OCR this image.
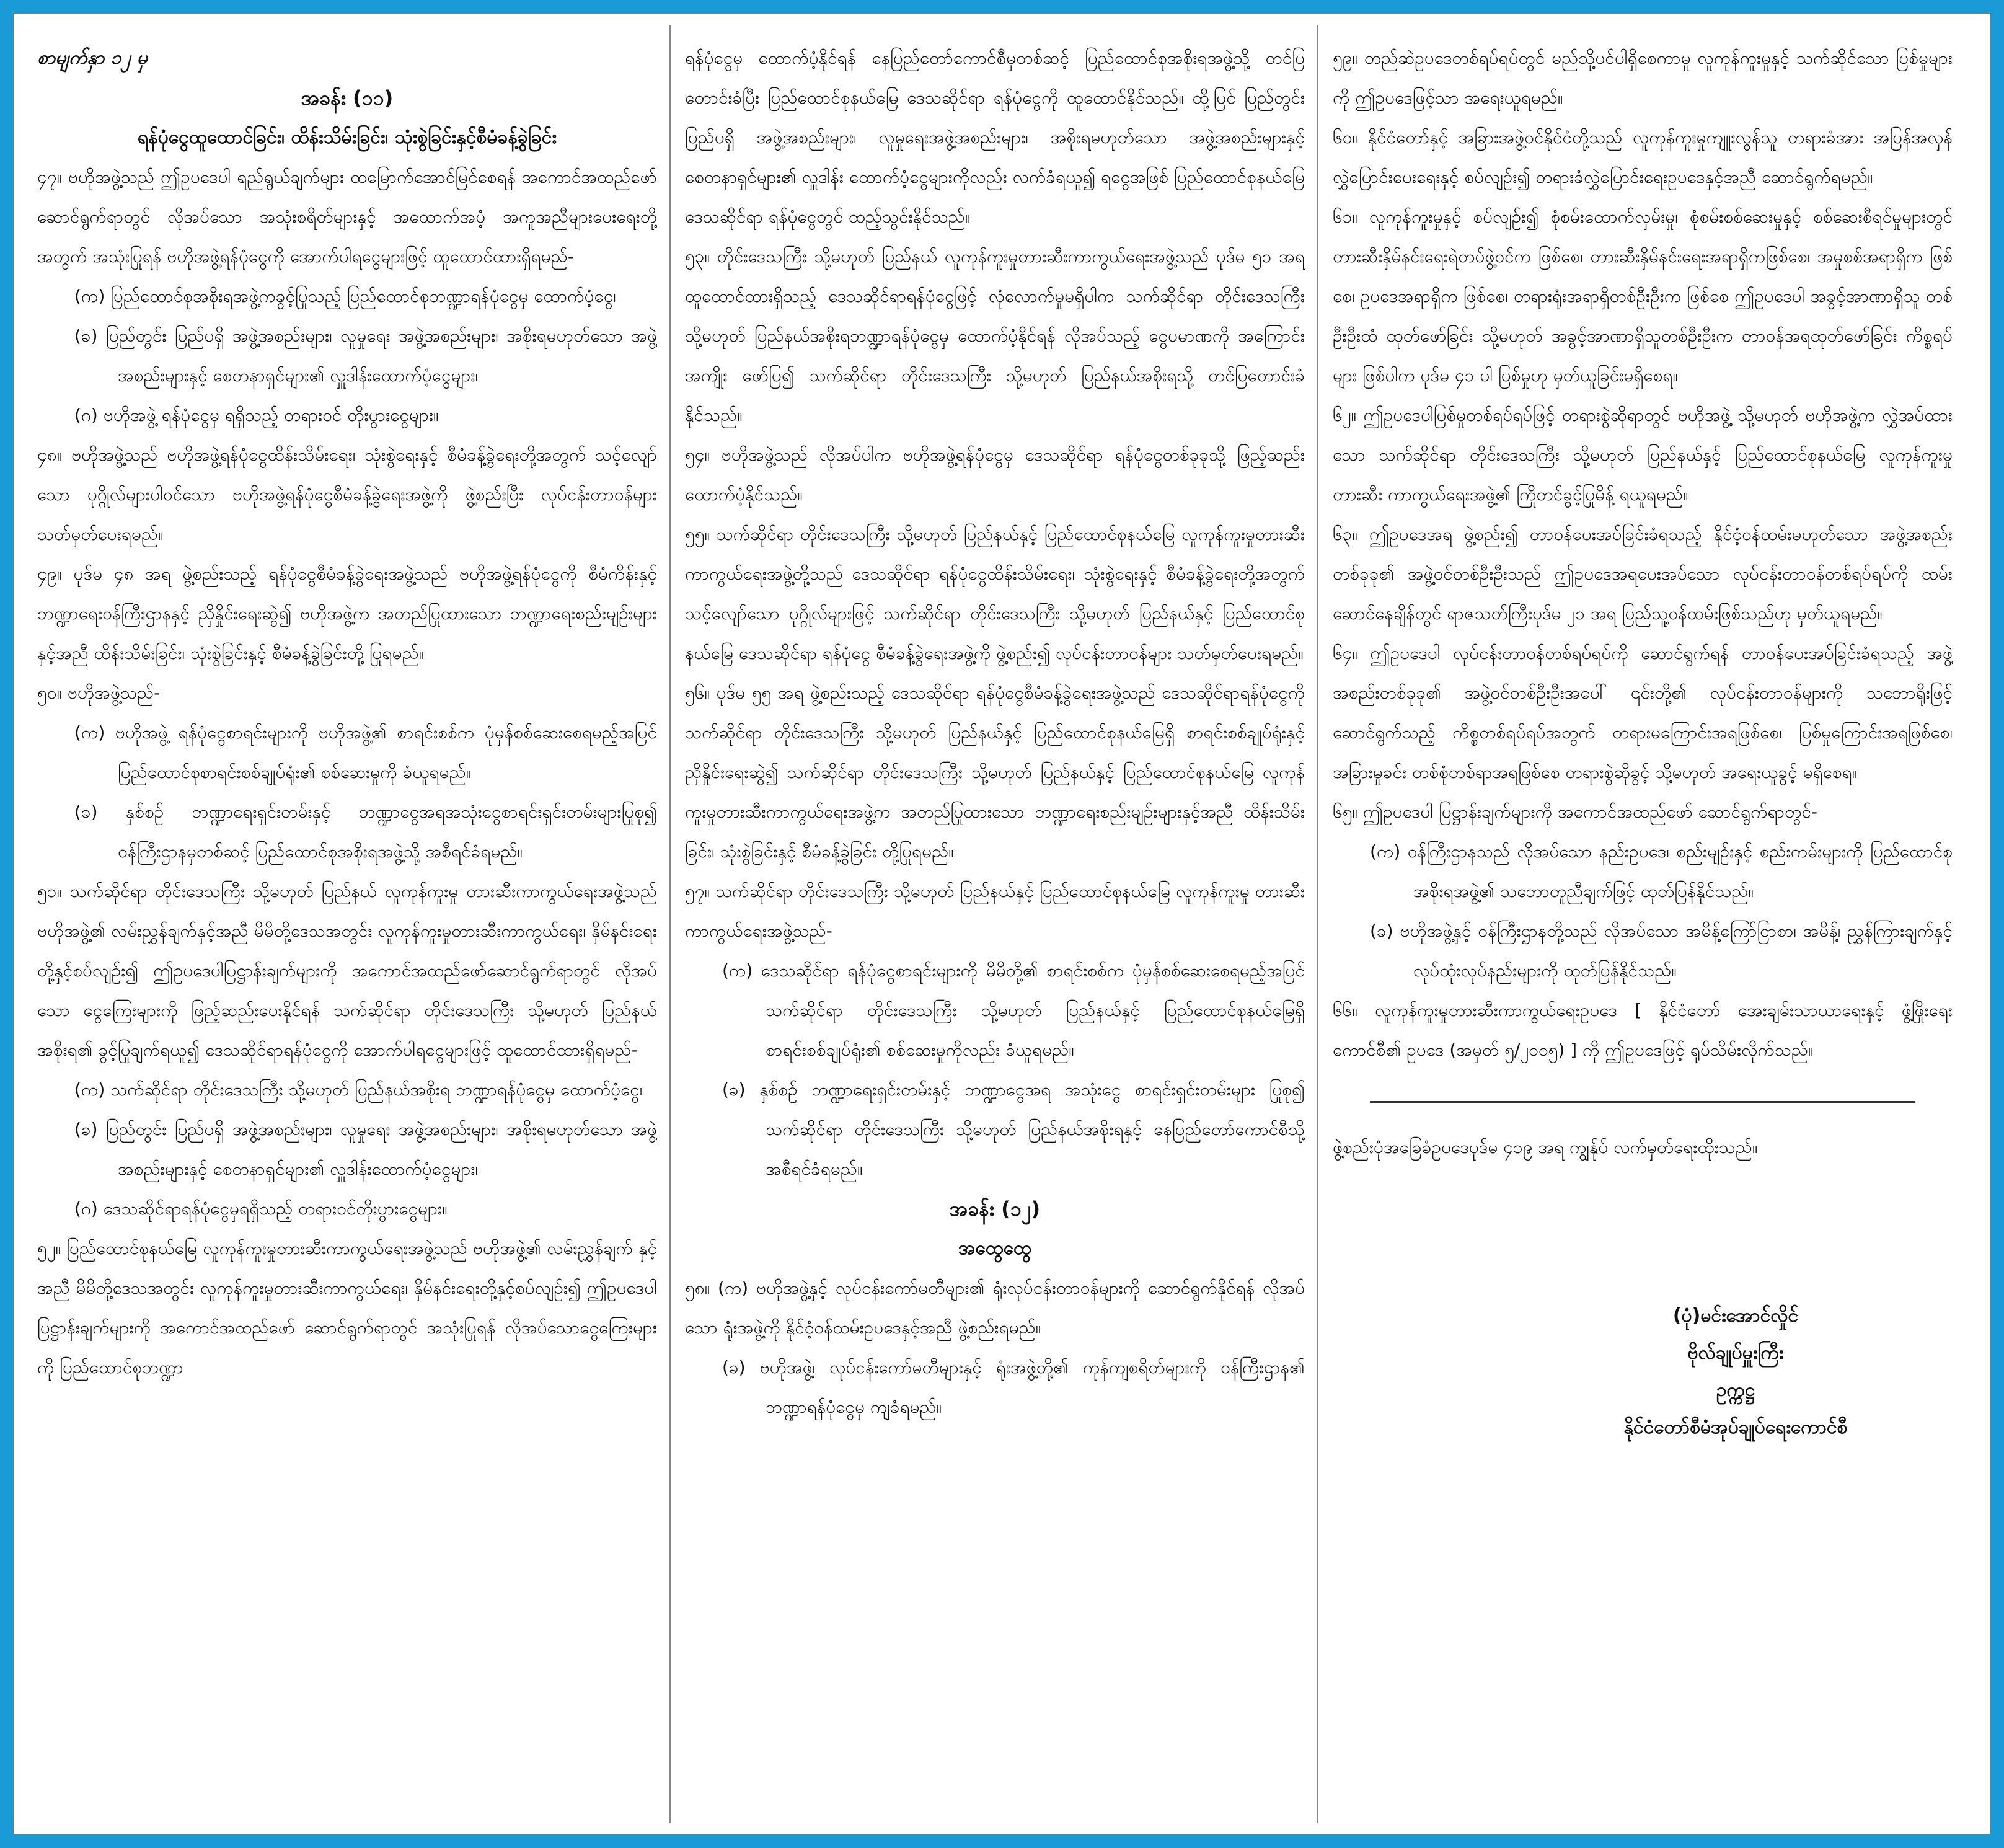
စာမျက်နှာ ၁၂ မှ

အခန်း (၁၁)

ရန်ပုံငွေထူထောင်ခြင်း၊ ထိန်းသိမ်းခြင်း၊ သုံးစွဲခြင်းနှင့်စီမံခန့်ခွဲခြင်း

၄၇။ ဗဟိုအဖွဲ့သည် ဤဥပဒေပါ ရည်ရွယ်ချက်များ ထမြောက်အောင်မြင်စေရန် အကောင်အထည်ဖော်ဆောင်ရွက်ရာတွင် လိုအပ်သော အသုံးစရိတ်များနှင့် အထောက်အပံ့ အကူအညီများပေးရေးတို့အတွက် အသုံးပြုရန် ဗဟိုအဖွဲ့ရန်ပုံငွေကို အောက်ပါရငွေများဖြင့် ထူထောင်ထားရှိရမည်-

(က) ပြည်ထောင်စုအစိုးရအဖွဲ့ကခွင့်ပြုသည့် ပြည်ထောင်စုဘဏ္ဍာရန်ပုံငွေမှ ထောက်ပံ့ငွေ၊

(ခ) ပြည်တွင်း ပြည်ပရှိ အဖွဲ့အစည်းများ၊ လူမှုရေး အဖွဲ့အစည်းများ၊ အစိုးရမဟုတ်သော အဖွဲ့အစည်းများနှင့် စေတနာရှင်များ၏ လှူဒါန်းထောက်ပံ့ငွေများ၊

(ဂ) ဗဟိုအဖွဲ့ ရန်ပုံငွေမှ ရရှိသည့် တရားဝင် တိုးပွားငွေများ။

၄၈။ ဗဟိုအဖွဲ့သည် ဗဟိုအဖွဲ့ရန်ပုံငွေထိန်းသိမ်းရေး၊ သုံးစွဲရေးနှင့် စီမံခန့်ခွဲရေးတို့အတွက် သင့်လျော်သော ပုဂ္ဂိုလ်များပါဝင်သော ဗဟိုအဖွဲ့ရန်ပုံငွေစီမံခန့်ခွဲရေးအဖွဲ့ကို ဖွဲ့စည်းပြီး လုပ်ငန်းတာဝန်များ သတ်မှတ်ပေးရမည်။

၄၉။ ပုဒ်မ ၄၈ အရ ဖွဲ့စည်းသည့် ရန်ပုံငွေစီမံခန့်ခွဲရေးအဖွဲ့သည် ဗဟိုအဖွဲ့ရန်ပုံငွေကို စီမံကိန်းနှင့် ဘဏ္ဍာရေးဝန်ကြီးဌာနနှင့် ညှိနှိုင်းရေးဆွဲ၍ ဗဟိုအဖွဲ့က အတည်ပြုထားသော ဘဏ္ဍာရေးစည်းမျဉ်းများနှင့်အညီ ထိန်းသိမ်းခြင်း၊ သုံးစွဲခြင်းနှင့် စီမံခန့်ခွဲခြင်းတို့ ပြုရမည်။

၅၀။ ဗဟိုအဖွဲ့သည်-

(က) ဗဟိုအဖွဲ့ ရန်ပုံငွေစာရင်းများကို ဗဟိုအဖွဲ့၏ စာရင်းစစ်က ပုံမှန်စစ်ဆေးစေရမည့်အပြင် ပြည်ထောင်စုစာရင်းစစ်ချုပ်ရုံး၏ စစ်ဆေးမှုကို ခံယူရမည်။

(ခ) နှစ်စဉ် ဘဏ္ဍာရေးရှင်းတမ်းနှင့် ဘဏ္ဍာငွေအရအသုံးငွေစာရင်းရှင်းတမ်းများပြုစု၍ ဝန်ကြီးဌာနမှတစ်ဆင့် ပြည်ထောင်စုအစိုးရအဖွဲ့သို့ အစီရင်ခံရမည်။

၅၁။ သက်ဆိုင်ရာ တိုင်းဒေသကြီး သို့မဟုတ် ပြည်နယ် လူကုန်ကူးမှု တားဆီးကာကွယ်ရေးအဖွဲ့သည် ဗဟိုအဖွဲ့၏ လမ်းညွှန်ချက်နှင့်အညီ မိမိတို့ဒေသအတွင်း လူကုန်ကူးမှုတားဆီးကာကွယ်ရေး၊ နှိမ်နင်းရေးတို့နှင့်စပ်လျဉ်း၍ ဤဥပဒေပါပြဋ္ဌာန်းချက်များကို အကောင်အထည်ဖော်ဆောင်ရွက်ရာတွင် လိုအပ်သော ငွေကြေးများကို ဖြည့်ဆည်းပေးနိုင်ရန် သက်ဆိုင်ရာ တိုင်းဒေသကြီး သို့မဟုတ် ပြည်နယ်အစိုးရ၏ ခွင့်ပြုချက်ရယူ၍ ဒေသဆိုင်ရာရန်ပုံငွေကို အောက်ပါရငွေများဖြင့် ထူထောင်ထားရှိရမည်-

(က) သက်ဆိုင်ရာ တိုင်းဒေသကြီး သို့မဟုတ် ပြည်နယ်အစိုးရ ဘဏ္ဍာရန်ပုံငွေမှ ထောက်ပံ့ငွေ၊

(ခ) ပြည်တွင်း ပြည်ပရှိ အဖွဲ့အစည်းများ၊ လူမှုရေး အဖွဲ့အစည်းများ၊ အစိုးရမဟုတ်သော အဖွဲ့အစည်းများနှင့် စေတနာရှင်များ၏ လှူဒါန်းထောက်ပံ့ငွေများ၊

(ဂ) ဒေသဆိုင်ရာရန်ပုံငွေမှရရှိသည့် တရားဝင်တိုးပွားငွေများ။

၅၂။ ပြည်ထောင်စုနယ်မြေ လူကုန်ကူးမှုတားဆီးကာကွယ်ရေးအဖွဲ့သည် ဗဟိုအဖွဲ့၏ လမ်းညွှန်ချက် နှင့်အညီ မိမိတို့ဒေသအတွင်း လူကုန်ကူးမှုတားဆီးကာကွယ်ရေး၊ နှိမ်နင်းရေးတို့နှင့်စပ်လျဉ်း၍ ဤဥပဒေပါ ပြဋ္ဌာန်းချက်များကို အကောင်အထည်ဖော် ဆောင်ရွက်ရာတွင် အသုံးပြုရန် လိုအပ်သောငွေကြေးများကို ပြည်ထောင်စုဘဏ္ဍာ

ရန်ပုံငွေမှ ထောက်ပံ့နိုင်ရန် နေပြည်တော်ကောင်စီမှတစ်ဆင့် ပြည်ထောင်စုအစိုးရအဖွဲ့သို့ တင်ပြတောင်းခံပြီး ပြည်ထောင်စုနယ်မြေ ဒေသဆိုင်ရာ ရန်ပုံငွေကို ထူထောင်နိုင်သည်။ ထို့ပြင် ပြည်တွင်းပြည်ပရှိ အဖွဲ့အစည်းများ၊ လူမှုရေးအဖွဲ့အစည်းများ၊ အစိုးရမဟုတ်သော အဖွဲ့အစည်းများနှင့် စေတနာရှင်များ၏ လှူဒါန်း ထောက်ပံ့ငွေများကိုလည်း လက်ခံရယူ၍ ရငွေအဖြစ် ပြည်ထောင်စုနယ်မြေ ဒေသဆိုင်ရာ ရန်ပုံငွေတွင် ထည့်သွင်းနိုင်သည်။

၅၃။ တိုင်းဒေသကြီး သို့မဟုတ် ပြည်နယ် လူကုန်ကူးမှုတားဆီးကာကွယ်ရေးအဖွဲ့သည် ပုဒ်မ ၅၁ အရ ထူထောင်ထားရှိသည့် ဒေသဆိုင်ရာရန်ပုံငွေဖြင့် လုံလောက်မှုမရှိပါက သက်ဆိုင်ရာ တိုင်းဒေသကြီး သို့မဟုတ် ပြည်နယ်အစိုးရဘဏ္ဍာရန်ပုံငွေမှ ထောက်ပံ့နိုင်ရန် လိုအပ်သည့် ငွေပမာဏကို အကြောင်းအကျိုး ဖော်ပြ၍ သက်ဆိုင်ရာ တိုင်းဒေသကြီး သို့မဟုတ် ပြည်နယ်အစိုးရသို့ တင်ပြတောင်းခံနိုင်သည်။

၅၄။ ဗဟိုအဖွဲ့သည် လိုအပ်ပါက ဗဟိုအဖွဲ့ရန်ပုံငွေမှ ဒေသဆိုင်ရာ ရန်ပုံငွေတစ်ခုခုသို့ ဖြည့်ဆည်းထောက်ပံ့နိုင်သည်။

၅၅။ သက်ဆိုင်ရာ တိုင်းဒေသကြီး သို့မဟုတ် ပြည်နယ်နှင့် ပြည်ထောင်စုနယ်မြေ လူကုန်ကူးမှုတားဆီးကာကွယ်ရေးအဖွဲ့တို့သည် ဒေသဆိုင်ရာ ရန်ပုံငွေထိန်းသိမ်းရေး၊ သုံးစွဲရေးနှင့် စီမံခန့်ခွဲရေးတို့အတွက် သင့်လျော်သော ပုဂ္ဂိုလ်များဖြင့် သက်ဆိုင်ရာ တိုင်းဒေသကြီး သို့မဟုတ် ပြည်နယ်နှင့် ပြည်ထောင်စုနယ်မြေ ဒေသဆိုင်ရာ ရန်ပုံငွေ စီမံခန့်ခွဲရေးအဖွဲ့ကို ဖွဲ့စည်း၍ လုပ်ငန်းတာဝန်များ သတ်မှတ်ပေးရမည်။

၅၆။ ပုဒ်မ ၅၅ အရ ဖွဲ့စည်းသည့် ဒေသဆိုင်ရာ ရန်ပုံငွေစီမံခန့်ခွဲရေးအဖွဲ့သည် ဒေသဆိုင်ရာရန်ပုံငွေကို သက်ဆိုင်ရာ တိုင်းဒေသကြီး သို့မဟုတ် ပြည်နယ်နှင့် ပြည်ထောင်စုနယ်မြေရှိ စာရင်းစစ်ချုပ်ရုံးနှင့် ညှိနှိုင်းရေးဆွဲ၍ သက်ဆိုင်ရာ တိုင်းဒေသကြီး သို့မဟုတ် ပြည်နယ်နှင့် ပြည်ထောင်စုနယ်မြေ လူကုန်ကူးမှုတားဆီးကာကွယ်ရေးအဖွဲ့က အတည်ပြုထားသော ဘဏ္ဍာရေးစည်းမျဉ်းများနှင့်အညီ ထိန်းသိမ်းခြင်း၊ သုံးစွဲခြင်းနှင့် စီမံခန့်ခွဲခြင်း တို့ပြုရမည်။

၅၇။ သက်ဆိုင်ရာ တိုင်းဒေသကြီး သို့မဟုတ် ပြည်နယ်နှင့် ပြည်ထောင်စုနယ်မြေ လူကုန်ကူးမှု တားဆီးကာကွယ်ရေးအဖွဲ့သည်-

(က) ဒေသဆိုင်ရာ ရန်ပုံငွေစာရင်းများကို မိမိတို့၏ စာရင်းစစ်က ပုံမှန်စစ်ဆေးစေရမည့်အပြင် သက်ဆိုင်ရာ တိုင်းဒေသကြီး သို့မဟုတ် ပြည်နယ်နှင့် ပြည်ထောင်စုနယ်မြေရှိ စာရင်းစစ်ချုပ်ရုံး၏ စစ်ဆေးမှုကိုလည်း ခံယူရမည်။

(ခ) နှစ်စဉ် ဘဏ္ဍာရေးရှင်းတမ်းနှင့် ဘဏ္ဍာငွေအရ အသုံးငွေ စာရင်းရှင်းတမ်းများ ပြုစု၍ သက်ဆိုင်ရာ တိုင်းဒေသကြီး သို့မဟုတ် ပြည်နယ်အစိုးရနှင့် နေပြည်တော်ကောင်စီသို့ အစီရင်ခံရမည်။

အခန်း (၁၂)

အထွေထွေ

၅၈။ (က) ဗဟိုအဖွဲ့နှင့် လုပ်ငန်းကော်မတီများ၏ ရုံးလုပ်ငန်းတာဝန်များကို ဆောင်ရွက်နိုင်ရန် လိုအပ်သော ရုံးအဖွဲ့ကို နိုင်ငံ့ဝန်ထမ်းဥပဒေနှင့်အညီ ဖွဲ့စည်းရမည်။

(ခ) ဗဟိုအဖွဲ့၊ လုပ်ငန်းကော်မတီများနှင့် ရုံးအဖွဲ့တို့၏ ကုန်ကျစရိတ်များကို ဝန်ကြီးဌာန၏ ဘဏ္ဍာရန်ပုံငွေမှ ကျခံရမည်။

၅၉။ တည်ဆဲဥပဒေတစ်ရပ်ရပ်တွင် မည်သို့ပင်ပါရှိစေကာမူ လူကုန်ကူးမှုနှင့် သက်ဆိုင်သော ပြစ်မှုများကို ဤဥပဒေဖြင့်သာ အရေးယူရမည်။

၆၀။ နိုင်ငံတော်နှင့် အခြားအဖွဲ့ဝင်နိုင်ငံတို့သည် လူကုန်ကူးမှုကျူးလွန်သူ တရားခံအား အပြန်အလှန် လွှဲပြောင်းပေးရေးနှင့် စပ်လျဉ်း၍ တရားခံလွှဲပြောင်းရေးဥပဒေနှင့်အညီ ဆောင်ရွက်ရမည်။

၆၁။ လူကုန်ကူးမှုနှင့် စပ်လျဉ်း၍ စုံစမ်းထောက်လှမ်းမှု၊ စုံစမ်းစစ်ဆေးမှုနှင့် စစ်ဆေးစီရင်မှုများတွင် တားဆီးနှိမ်နင်းရေးရဲတပ်ဖွဲ့ဝင်က ဖြစ်စေ၊ တားဆီးနှိမ်နင်းရေးအရာရှိကဖြစ်စေ၊ အမှုစစ်အရာရှိက ဖြစ်စေ၊ ဥပဒေအရာရှိက ဖြစ်စေ၊ တရားရုံးအရာရှိတစ်ဦးဦးက ဖြစ်စေ ဤဥပဒေပါ အခွင့်အာဏာရှိသူ တစ်ဦးဦးထံ ထုတ်ဖော်ခြင်း သို့မဟုတ် အခွင့်အာဏာရှိသူတစ်ဦးဦးက တာဝန်အရထုတ်ဖော်ခြင်း ကိစ္စရပ်များ ဖြစ်ပါက ပုဒ်မ ၄၁ ပါ ပြစ်မှုဟု မှတ်ယူခြင်းမရှိစေရ။

၆၂။ ဤဥပဒေပါပြစ်မှုတစ်ရပ်ရပ်ဖြင့် တရားစွဲဆိုရာတွင် ဗဟိုအဖွဲ့ သို့မဟုတ် ဗဟိုအဖွဲ့က လွှဲအပ်ထားသော သက်ဆိုင်ရာ တိုင်းဒေသကြီး သို့မဟုတ် ပြည်နယ်နှင့် ပြည်ထောင်စုနယ်မြေ လူကုန်ကူးမှုတားဆီး ကာကွယ်ရေးအဖွဲ့၏ ကြိုတင်ခွင့်ပြုမိန့် ရယူရမည်။

၆၃။ ဤဥပဒေအရ ဖွဲ့စည်း၍ တာဝန်ပေးအပ်ခြင်းခံရသည့် နိုင်ငံ့ဝန်ထမ်းမဟုတ်သော အဖွဲ့အစည်းတစ်ခုခု၏ အဖွဲ့ဝင်တစ်ဦးဦးသည် ဤဥပဒေအရပေးအပ်သော လုပ်ငန်းတာဝန်တစ်ရပ်ရပ်ကို ထမ်းဆောင်နေချိန်တွင် ရာဇသတ်ကြီးပုဒ်မ ၂၁ အရ ပြည်သူ့ဝန်ထမ်းဖြစ်သည်ဟု မှတ်ယူရမည်။

၆၄။ ဤဥပဒေပါ လုပ်ငန်းတာဝန်တစ်ရပ်ရပ်ကို ဆောင်ရွက်ရန် တာဝန်ပေးအပ်ခြင်းခံရသည့် အဖွဲ့အစည်းတစ်ခုခု၏ အဖွဲ့ဝင်တစ်ဦးဦးအပေါ် ၎င်းတို့၏ လုပ်ငန်းတာဝန်များကို သဘောရိုးဖြင့် ဆောင်ရွက်သည့် ကိစ္စတစ်ရပ်ရပ်အတွက် တရားမကြောင်းအရဖြစ်စေ၊ ပြစ်မှုကြောင်းအရဖြစ်စေ၊ အခြားမှုခင်း တစ်စုံတစ်ရာအရဖြစ်စေ တရားစွဲဆိုခွင့် သို့မဟုတ် အရေးယူခွင့် မရှိစေရ။

၆၅။ ဤဥပဒေပါ ပြဋ္ဌာန်းချက်များကို အကောင်အထည်ဖော် ဆောင်ရွက်ရာတွင်-

(က) ဝန်ကြီးဌာနသည် လိုအပ်သော နည်းဥပဒေ၊ စည်းမျဉ်းနှင့် စည်းကမ်းများကို ပြည်ထောင်စုအစိုးရအဖွဲ့၏ သဘောတူညီချက်ဖြင့် ထုတ်ပြန်နိုင်သည်။

(ခ) ဗဟိုအဖွဲ့နှင့် ဝန်ကြီးဌာနတို့သည် လိုအပ်သော အမိန့်ကြော်ငြာစာ၊ အမိန့်၊ ညွှန်ကြားချက်နှင့် လုပ်ထုံးလုပ်နည်းများကို ထုတ်ပြန်နိုင်သည်။

၆၆။ လူကုန်ကူးမှုတားဆီးကာကွယ်ရေးဥပဒေ [ နိုင်ငံတော် အေးချမ်းသာယာရေးနှင့် ဖွံ့ဖြိုးရေးကောင်စီ၏ ဥပဒေ (အမှတ် ၅/၂၀၀၅) ] ကို ဤဥပဒေဖြင့် ရုပ်သိမ်းလိုက်သည်။

ဖွဲ့စည်းပုံအခြေခံဥပဒေပုဒ်မ ၄၁၉ အရ ကျွန်ုပ် လက်မှတ်ရေးထိုးသည်။

(ပုံ)မင်းအောင်လှိုင်

ဗိုလ်ချုပ်မှူးကြီး

ဥက္ကဋ္ဌ

နိုင်ငံတော်စီမံအုပ်ချုပ်ရေးကောင်စီ
